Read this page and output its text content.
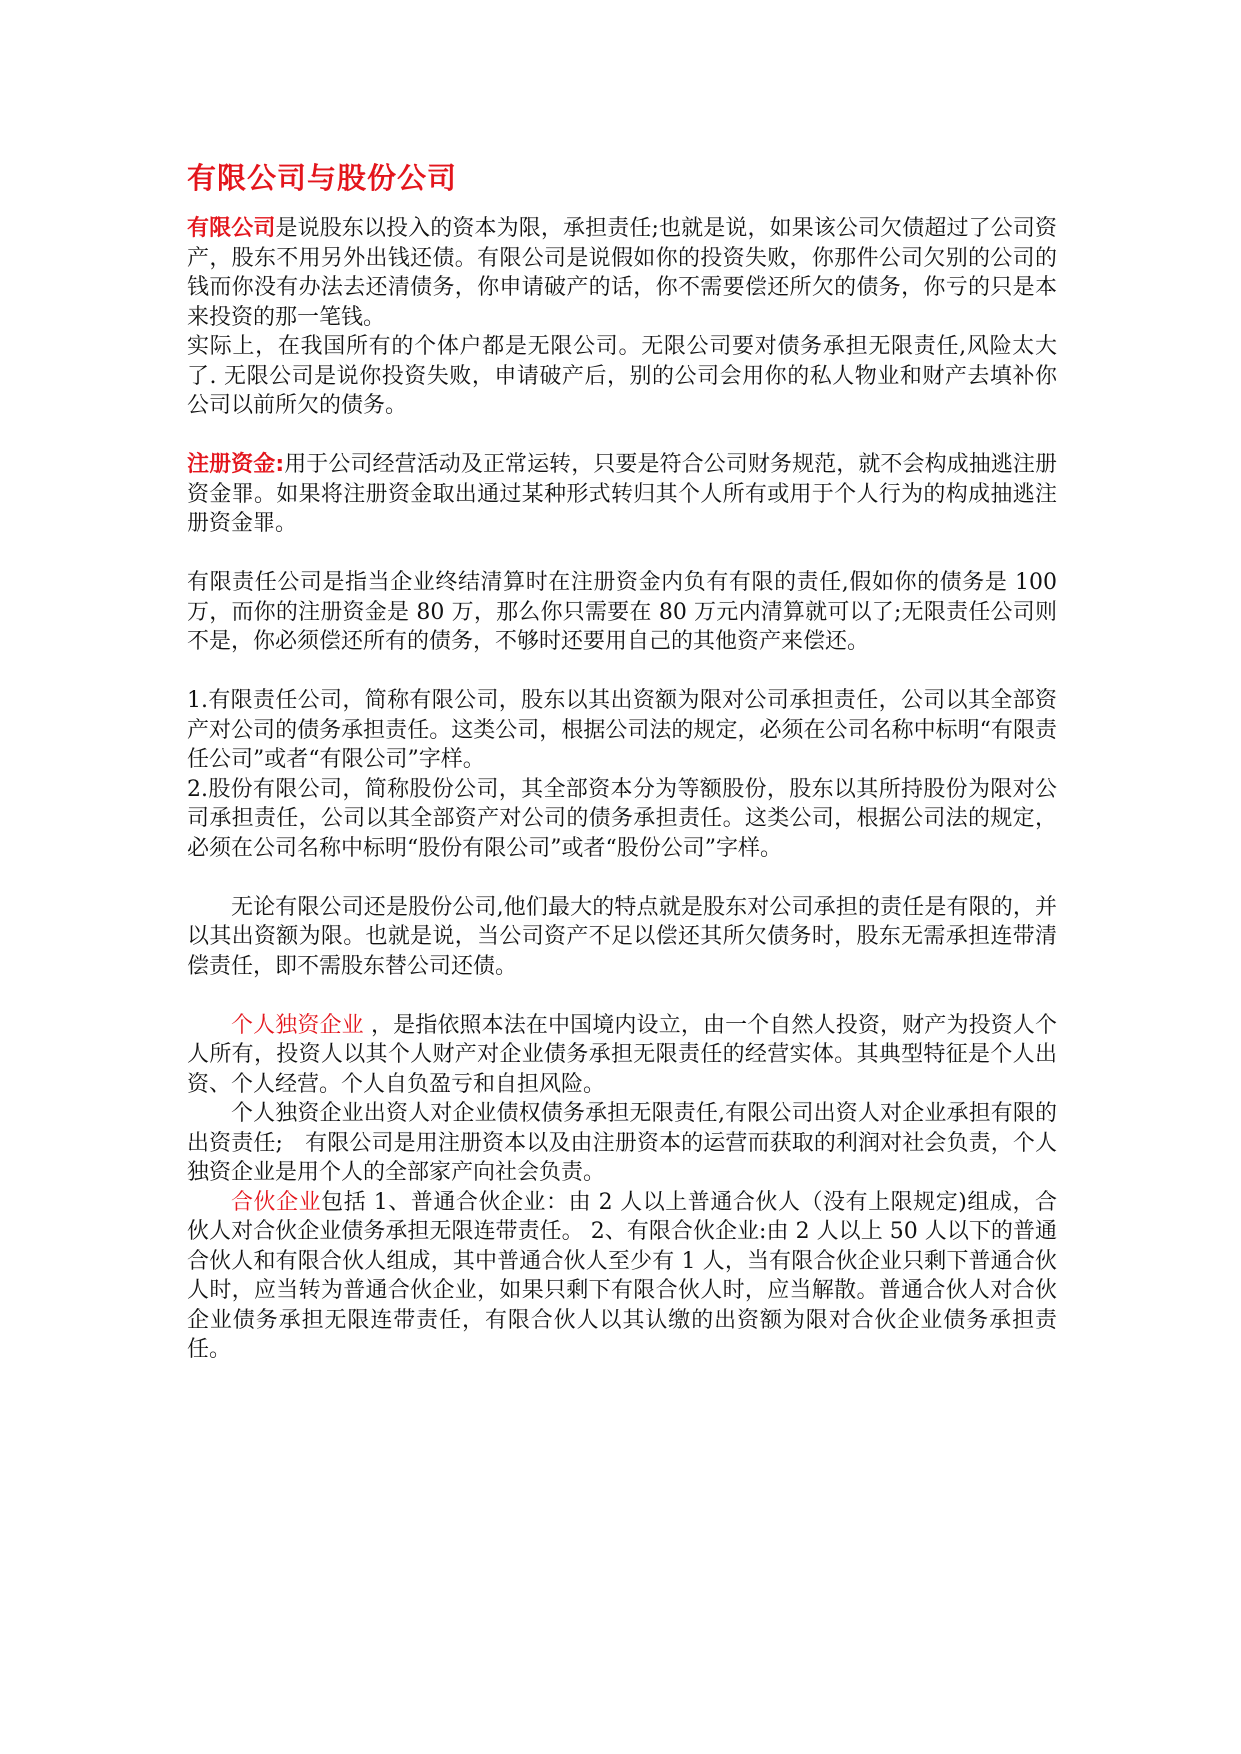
有限公司与股份公司

有限公司是说股东以投入的资本为限，承担责任;也就是说，如果该公司欠债超过了公司资产，股东不用另外出钱还债。有限公司是说假如你的投资失败，你那件公司欠别的公司的钱而你没有办法去还清债务，你申请破产的话，你不需要偿还所欠的债务，你亏的只是本来投资的那一笔钱。

实际上，在我国所有的个体户都是无限公司。无限公司要对债务承担无限责任,风险太大了. 无限公司是说你投资失败，申请破产后，别的公司会用你的私人物业和财产去填补你公司以前所欠的债务。

注册资金:用于公司经营活动及正常运转，只要是符合公司财务规范，就不会构成抽逃注册资金罪。如果将注册资金取出通过某种形式转归其个人所有或用于个人行为的构成抽逃注册资金罪。

有限责任公司是指当企业终结清算时在注册资金内负有有限的责任,假如你的债务是 100 万，而你的注册资金是 80 万，那么你只需要在 80 万元内清算就可以了;无限责任公司则不是，你必须偿还所有的债务，不够时还要用自己的其他资产来偿还。

1.有限责任公司，简称有限公司，股东以其出资额为限对公司承担责任，公司以其全部资产对公司的债务承担责任。这类公司，根据公司法的规定，必须在公司名称中标明“有限责任公司”或者“有限公司”字样。

2.股份有限公司，简称股份公司，其全部资本分为等额股份，股东以其所持股份为限对公司承担责任，公司以其全部资产对公司的债务承担责任。这类公司，根据公司法的规定，必须在公司名称中标明“股份有限公司”或者“股份公司”字样。

无论有限公司还是股份公司,他们最大的特点就是股东对公司承担的责任是有限的，并以其出资额为限。也就是说，当公司资产不足以偿还其所欠债务时，股东无需承担连带清偿责任，即不需股东替公司还债。

个人独资企业 ，是指依照本法在中国境内设立，由一个自然人投资，财产为投资人个人所有，投资人以其个人财产对企业债务承担无限责任的经营实体。其典型特征是个人出资、个人经营。个人自负盈亏和自担风险。

个人独资企业出资人对企业债权债务承担无限责任,有限公司出资人对企业承担有限的出资责任;　有限公司是用注册资本以及由注册资本的运营而获取的利润对社会负责，个人独资企业是用个人的全部家产向社会负责。

合伙企业包括 1、普通合伙企业：由 2 人以上普通合伙人（没有上限规定)组成，合伙人对合伙企业债务承担无限连带责任。 2、有限合伙企业:由 2 人以上 50 人以下的普通合伙人和有限合伙人组成，其中普通合伙人至少有 1 人，当有限合伙企业只剩下普通合伙人时，应当转为普通合伙企业，如果只剩下有限合伙人时，应当解散。普通合伙人对合伙企业债务承担无限连带责任，有限合伙人以其认缴的出资额为限对合伙企业债务承担责任。
